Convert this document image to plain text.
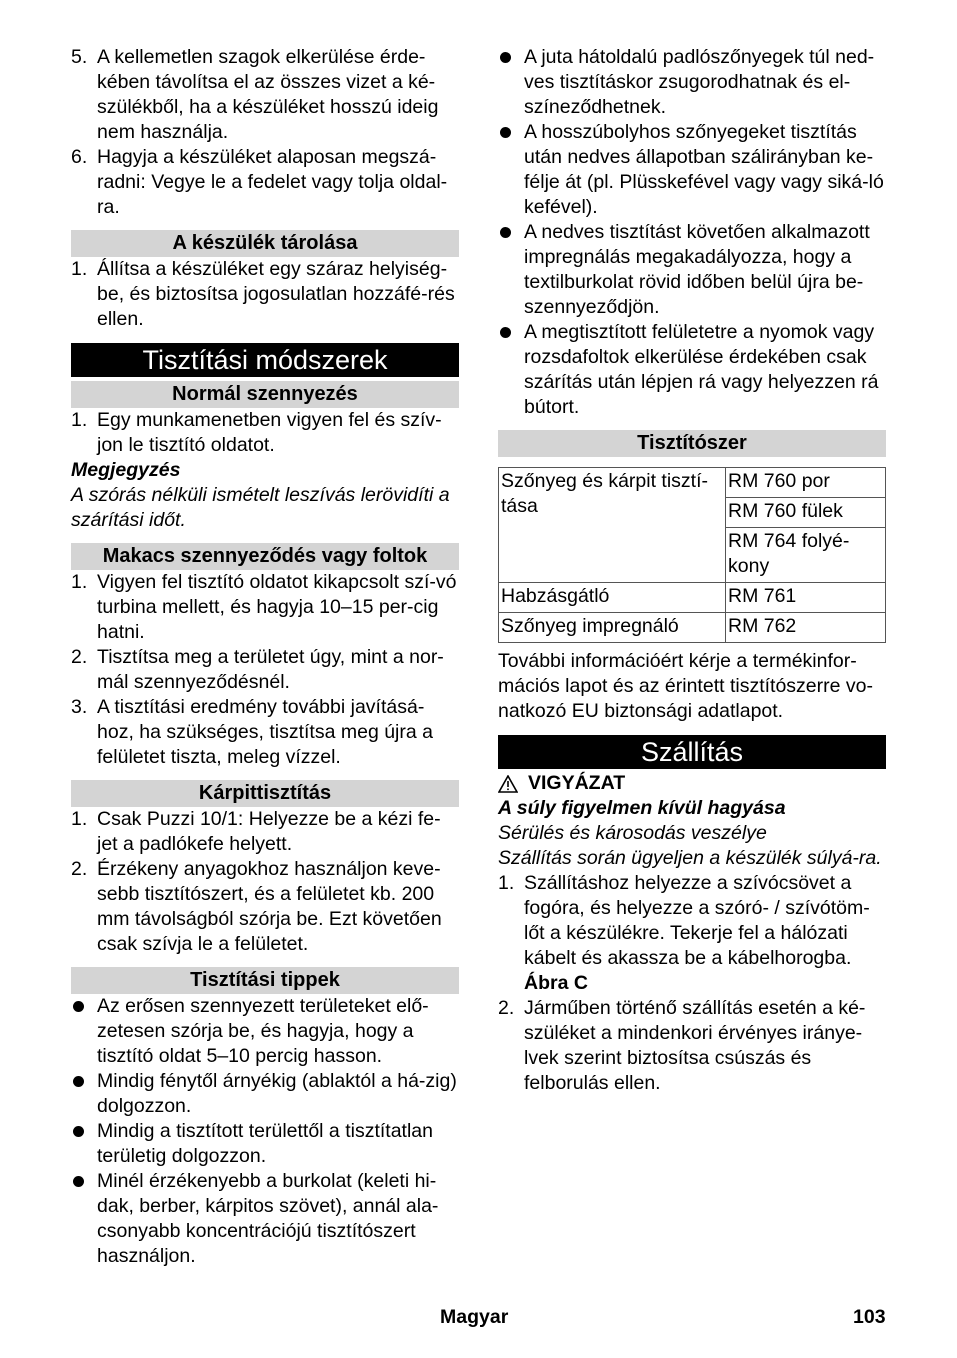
5. A kellemetlen szagok elkerülése érde-kében távolítsa el az összes vizet a ké-szülékből, ha a készüléket hosszú ideig nem használja.
6. Hagyja a készüléket alaposan megszá-radni: Vegye le a fedelet vagy tolja oldal-ra.
A készülék tárolása
1. Állítsa a készüléket egy száraz helyiség-be, és biztosítsa jogosulatlan hozzáfé-rés ellen.
Tisztítási módszerek
Normál szennyezés
1. Egy munkamenetben vigyen fel és szív-jon le tisztító oldatot.
Megjegyzés
A szórás nélküli ismételt leszívás lerövidíti a szárítási időt.
Makacs szennyeződés vagy foltok
1. Vigyen fel tisztító oldatot kikapcsolt szí-vó turbina mellett, és hagyja 10–15 per-cig hatni.
2. Tisztítsa meg a területet úgy, mint a nor-mál szennyeződésnél.
3. A tisztítási eredmény további javításá-hoz, ha szükséges, tisztítsa meg újra a felületet tiszta, meleg vízzel.
Kárpittisztítás
1. Csak Puzzi 10/1: Helyezze be a kézi fe-jet a padlókefe helyett.
2. Érzékeny anyagokhoz használjon keve-sebb tisztítószert, és a felületet kb. 200 mm távolságból szórja be. Ezt követően csak szívja le a felületet.
Tisztítási tippek
Az erősen szennyezett területeket elő-zetesen szórja be, és hagyja, hogy a tisztító oldat 5–10 percig hasson.
Mindig fénytől árnyékig (ablaktól a há-zig) dolgozzon.
Mindig a tisztított területtől a tisztítatlan területig dolgozzon.
Minél érzékenyebb a burkolat (keleti hi-dak, berber, kárpitos szövet), annál ala-csonyabb koncentrációjú tisztítószert használjon.
A juta hátoldalú padlószőnyegek túl ned-ves tisztításkor zsugorodhatnak és el-színeződhetnek.
A hosszúbolyhos szőnyegeket tisztítás után nedves állapotban szálirányban ke-félje át (pl. Plüsskefével vagy vagy siká-ló kefével).
A nedves tisztítást követően alkalmazott impregnálás megakadályozza, hogy a textilburkolat rövid időben belül újra be-szennyeződjön.
A megtisztított felületetre a nyomok vagy rozsdafoltok elkerülése érdekében csak szárítás után lépjen rá vagy helyezzen rá bútort.
Tisztítószer
Szőnyeg és kárpit tisztí-tása	RM 760 por
	RM 760 fülek
	RM 764 folyé-kony
Habzásgátló	RM 761
Szőnyeg impregnáló	RM 762
További információért kérje a termékinfor-mációs lapot és az érintett tisztítószerre vo-natkozó EU biztonsági adatlapot.
Szállítás
VIGYÁZAT
A súly figyelmen kívül hagyása
Sérülés és károsodás veszélye
Szállítás során ügyeljen a készülék súlyá-ra.
1. Szállításhoz helyezze a szívócsövet a fogóra, és helyezze a szóró- / szívótöm-lőt a készülékre. Tekerje fel a hálózati kábelt és akassza be a kábelhorogba.
Ábra C
2. Járműben történő szállítás esetén a ké-szüléket a mindenkori érvényes iránye-lvek szerint biztosítsa csúszás és felborulás ellen.
Magyar	103
